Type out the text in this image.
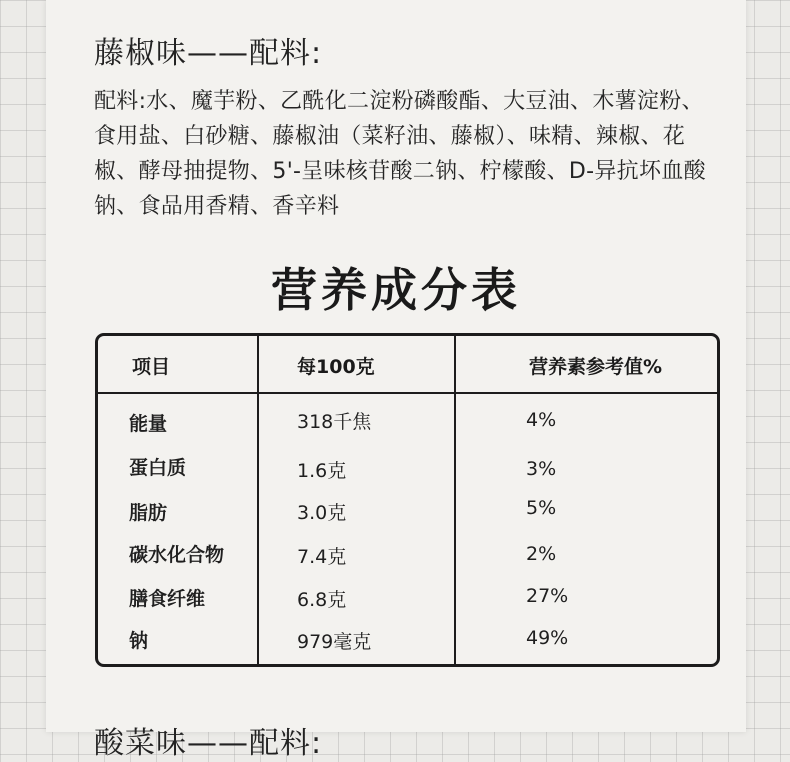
藤椒味——配料:
配料:水、魔芋粉、乙酰化二淀粉磷酸酯、大豆油、木薯淀粉、食用盐、白砂糖、藤椒油（菜籽油、藤椒）、味精、辣椒、花椒、酵母抽提物、5'-呈味核苷酸二钠、柠檬酸、D-异抗坏血酸钠、食品用香精、香辛料
营养成分表
项目	每100克	营养素参考值%
能量	318千焦	4%
蛋白质	1.6克	3%
脂肪	3.0克	5%
碳水化合物	7.4克	2%
膳食纤维	6.8克	27%
钠	979毫克	49%
酸菜味——配料:
